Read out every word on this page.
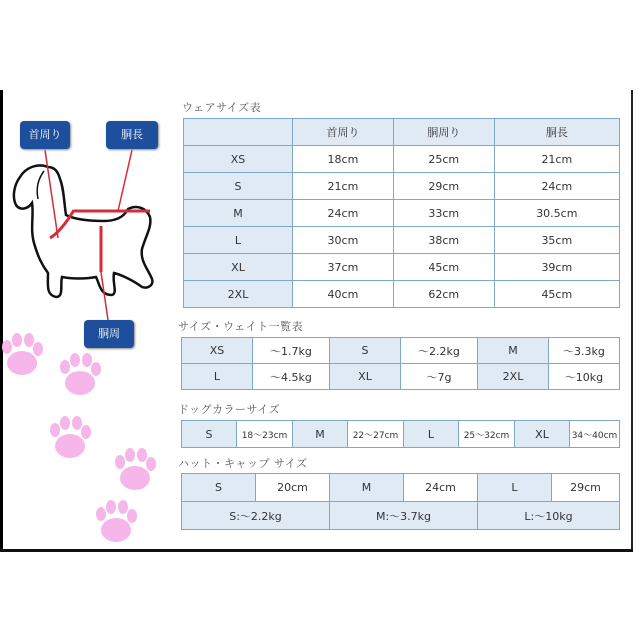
首周り	胴長
胴周
ウェアサイズ表
	首周り	胴周り	胴長
XS	18cm	25cm	21cm
S	21cm	29cm	24cm
M	24cm	33cm	30.5cm
L	30cm	38cm	35cm
XL	37cm	45cm	39cm
2XL	40cm	62cm	45cm
サイズ・ウェイト一覧表
XS	～1.7kg	S	～2.2kg	M	～3.3kg
L	～4.5kg	XL	～7g	2XL	～10kg
ドッグカラーサイズ
S	18～23cm	M	22～27cm	L	25～32cm	XL	34～40cm
ハット・キャップ サイズ
S	20cm	M	24cm	L	29cm
S:～2.2kg		M:～3.7kg		L:～10kg	
